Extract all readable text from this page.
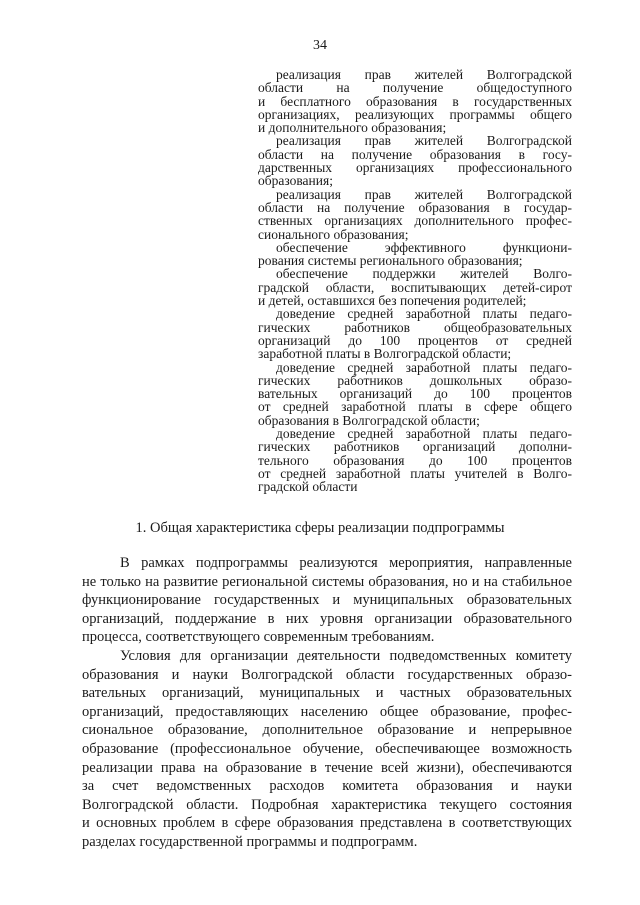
34
реализация прав жителей Волгоградской
области на получение общедоступного
и бесплатного образования в государственных
организациях, реализующих программы общего
и дополнительного образования;
реализация прав жителей Волгоградской
области на получение образования в госу-
дарственных организациях профессионального
образования;
реализация прав жителей Волгоградской
области на получение образования в государ-
ственных организациях дополнительного профес-
сионального образования;
обеспечение эффективного функциони-
рования системы регионального образования;
обеспечение поддержки жителей Волго-
градской области, воспитывающих детей-сирот
и детей, оставшихся без попечения родителей;
доведение средней заработной платы педаго-
гических работников общеобразовательных
организаций до 100 процентов от средней
заработной платы в Волгоградской области;
доведение средней заработной платы педаго-
гических работников дошкольных образо-
вательных организаций до 100 процентов
от средней заработной платы в сфере общего
образования в Волгоградской области;
доведение средней заработной платы педаго-
гических работников организаций дополни-
тельного образования до 100 процентов
от средней заработной платы учителей в Волго-
градской области
1. Общая характеристика сферы реализации подпрограммы
В рамках подпрограммы реализуются мероприятия, направленные
не только на развитие региональной системы образования, но и на стабильное
функционирование государственных и муниципальных образовательных
организаций, поддержание в них уровня организации образовательного
процесса, соответствующего современным требованиям.
Условия для организации деятельности подведомственных комитету
образования и науки Волгоградской области государственных образо-
вательных организаций, муниципальных и частных образовательных
организаций, предоставляющих населению общее образование, профес-
сиональное образование, дополнительное образование и непрерывное
образование (профессиональное обучение, обеспечивающее возможность
реализации права на образование в течение всей жизни), обеспечиваются
за счет ведомственных расходов комитета образования и науки
Волгоградской области. Подробная характеристика текущего состояния
и основных проблем в сфере образования представлена в соответствующих
разделах государственной программы и подпрограмм.
